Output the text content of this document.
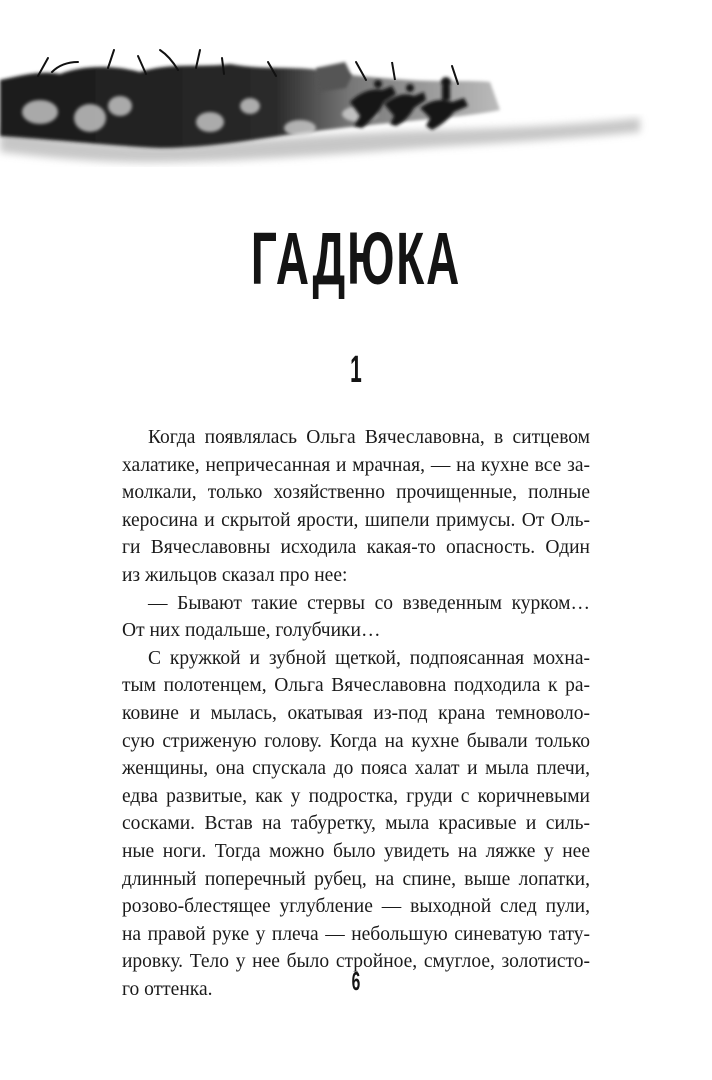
ГАДЮКА
1
Когда появлялась Ольга Вячеславовна, в ситцевом
халатике, непричесанная и мрачная, — на кухне все за-
молкали, только хозяйственно прочищенные, полные
керосина и скрытой ярости, шипели примусы. От Оль-
ги Вячеславовны исходила какая-то опасность. Один
из жильцов сказал про нее:
— Бывают такие стервы со взведенным курком…
От них подальше, голубчики…
С кружкой и зубной щеткой, подпоясанная мохна-
тым полотенцем, Ольга Вячеславовна подходила к ра-
ковине и мылась, окатывая из-под крана темноволо-
сую стриженую голову. Когда на кухне бывали только
женщины, она спускала до пояса халат и мыла плечи,
едва развитые, как у подростка, груди с коричневыми
сосками. Встав на табуретку, мыла красивые и силь-
ные ноги. Тогда можно было увидеть на ляжке у нее
длинный поперечный рубец, на спине, выше лопатки,
розово-блестящее углубление — выходной след пули,
на правой руке у плеча — небольшую синеватую тату-
ировку. Тело у нее было стройное, смуглое, золотисто-
го оттенка.	6
